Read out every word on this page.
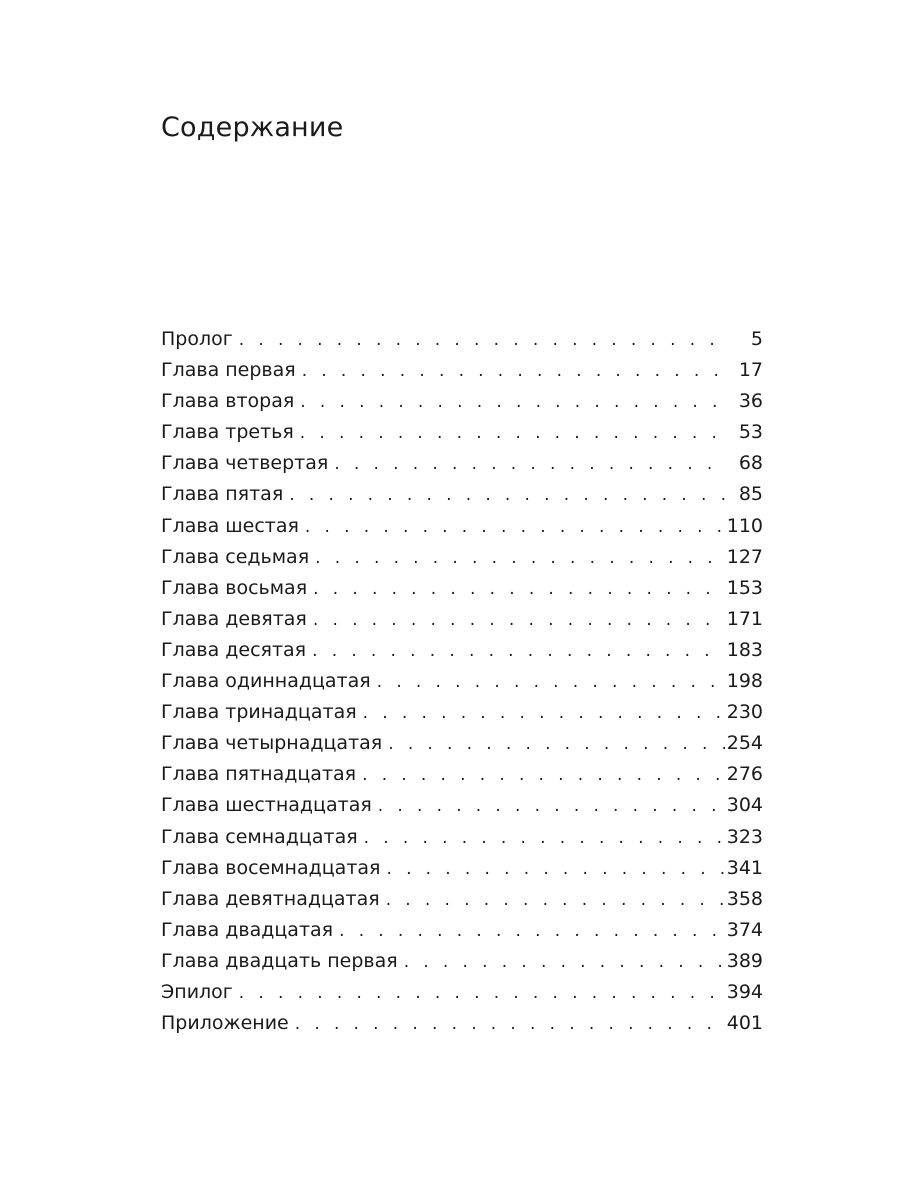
Содержание
Пролог . . .	5
Глава первая . . .	17
Глава вторая . . .	36
Глава третья . . .	53
Глава четвертая . . .	68
Глава пятая . . .	85
Глава шестая . . .	110
Глава седьмая . . .	127
Глава восьмая . . .	153
Глава девятая . . .	171
Глава десятая . . .	183
Глава одиннадцатая . . .	198
Глава тринадцатая . . .	230
Глава четырнадцатая . . .	254
Глава пятнадцатая . . .	276
Глава шестнадцатая . . .	304
Глава семнадцатая . . .	323
Глава восемнадцатая . . .	341
Глава девятнадцатая . . .	358
Глава двадцатая . . .	374
Глава двадцать первая . . .	389
Эпилог . . .	394
Приложение . . .	401
